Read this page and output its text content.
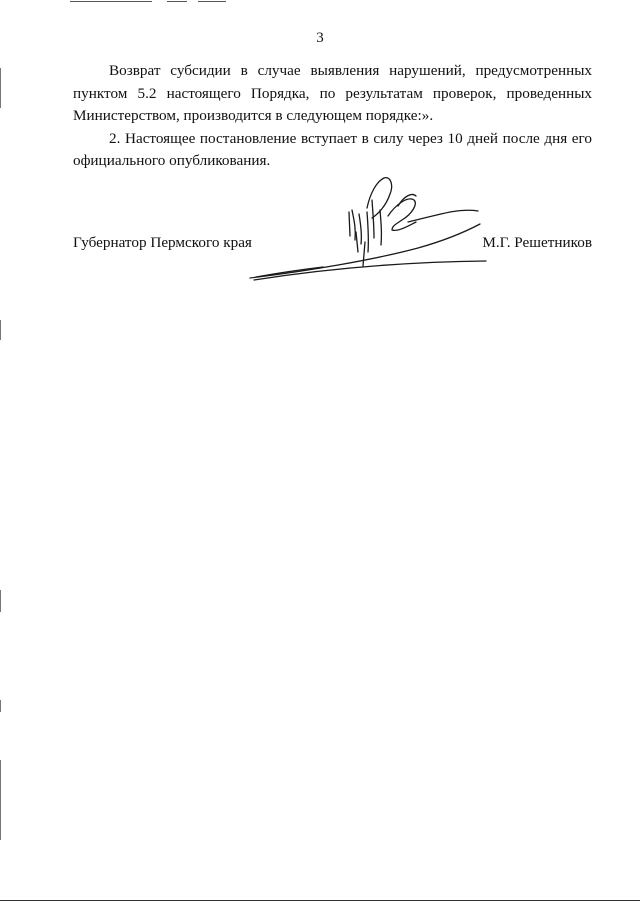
3

Возврат субсидии в случае выявления нарушений, предусмотренных пунктом 5.2 настоящего Порядка, по результатам проверок, проведенных Министерством, производится в следующем порядке:».

2. Настоящее постановление вступает в силу через 10 дней после дня его официального опубликования.

Губернатор Пермского края	М.Г. Решетников
